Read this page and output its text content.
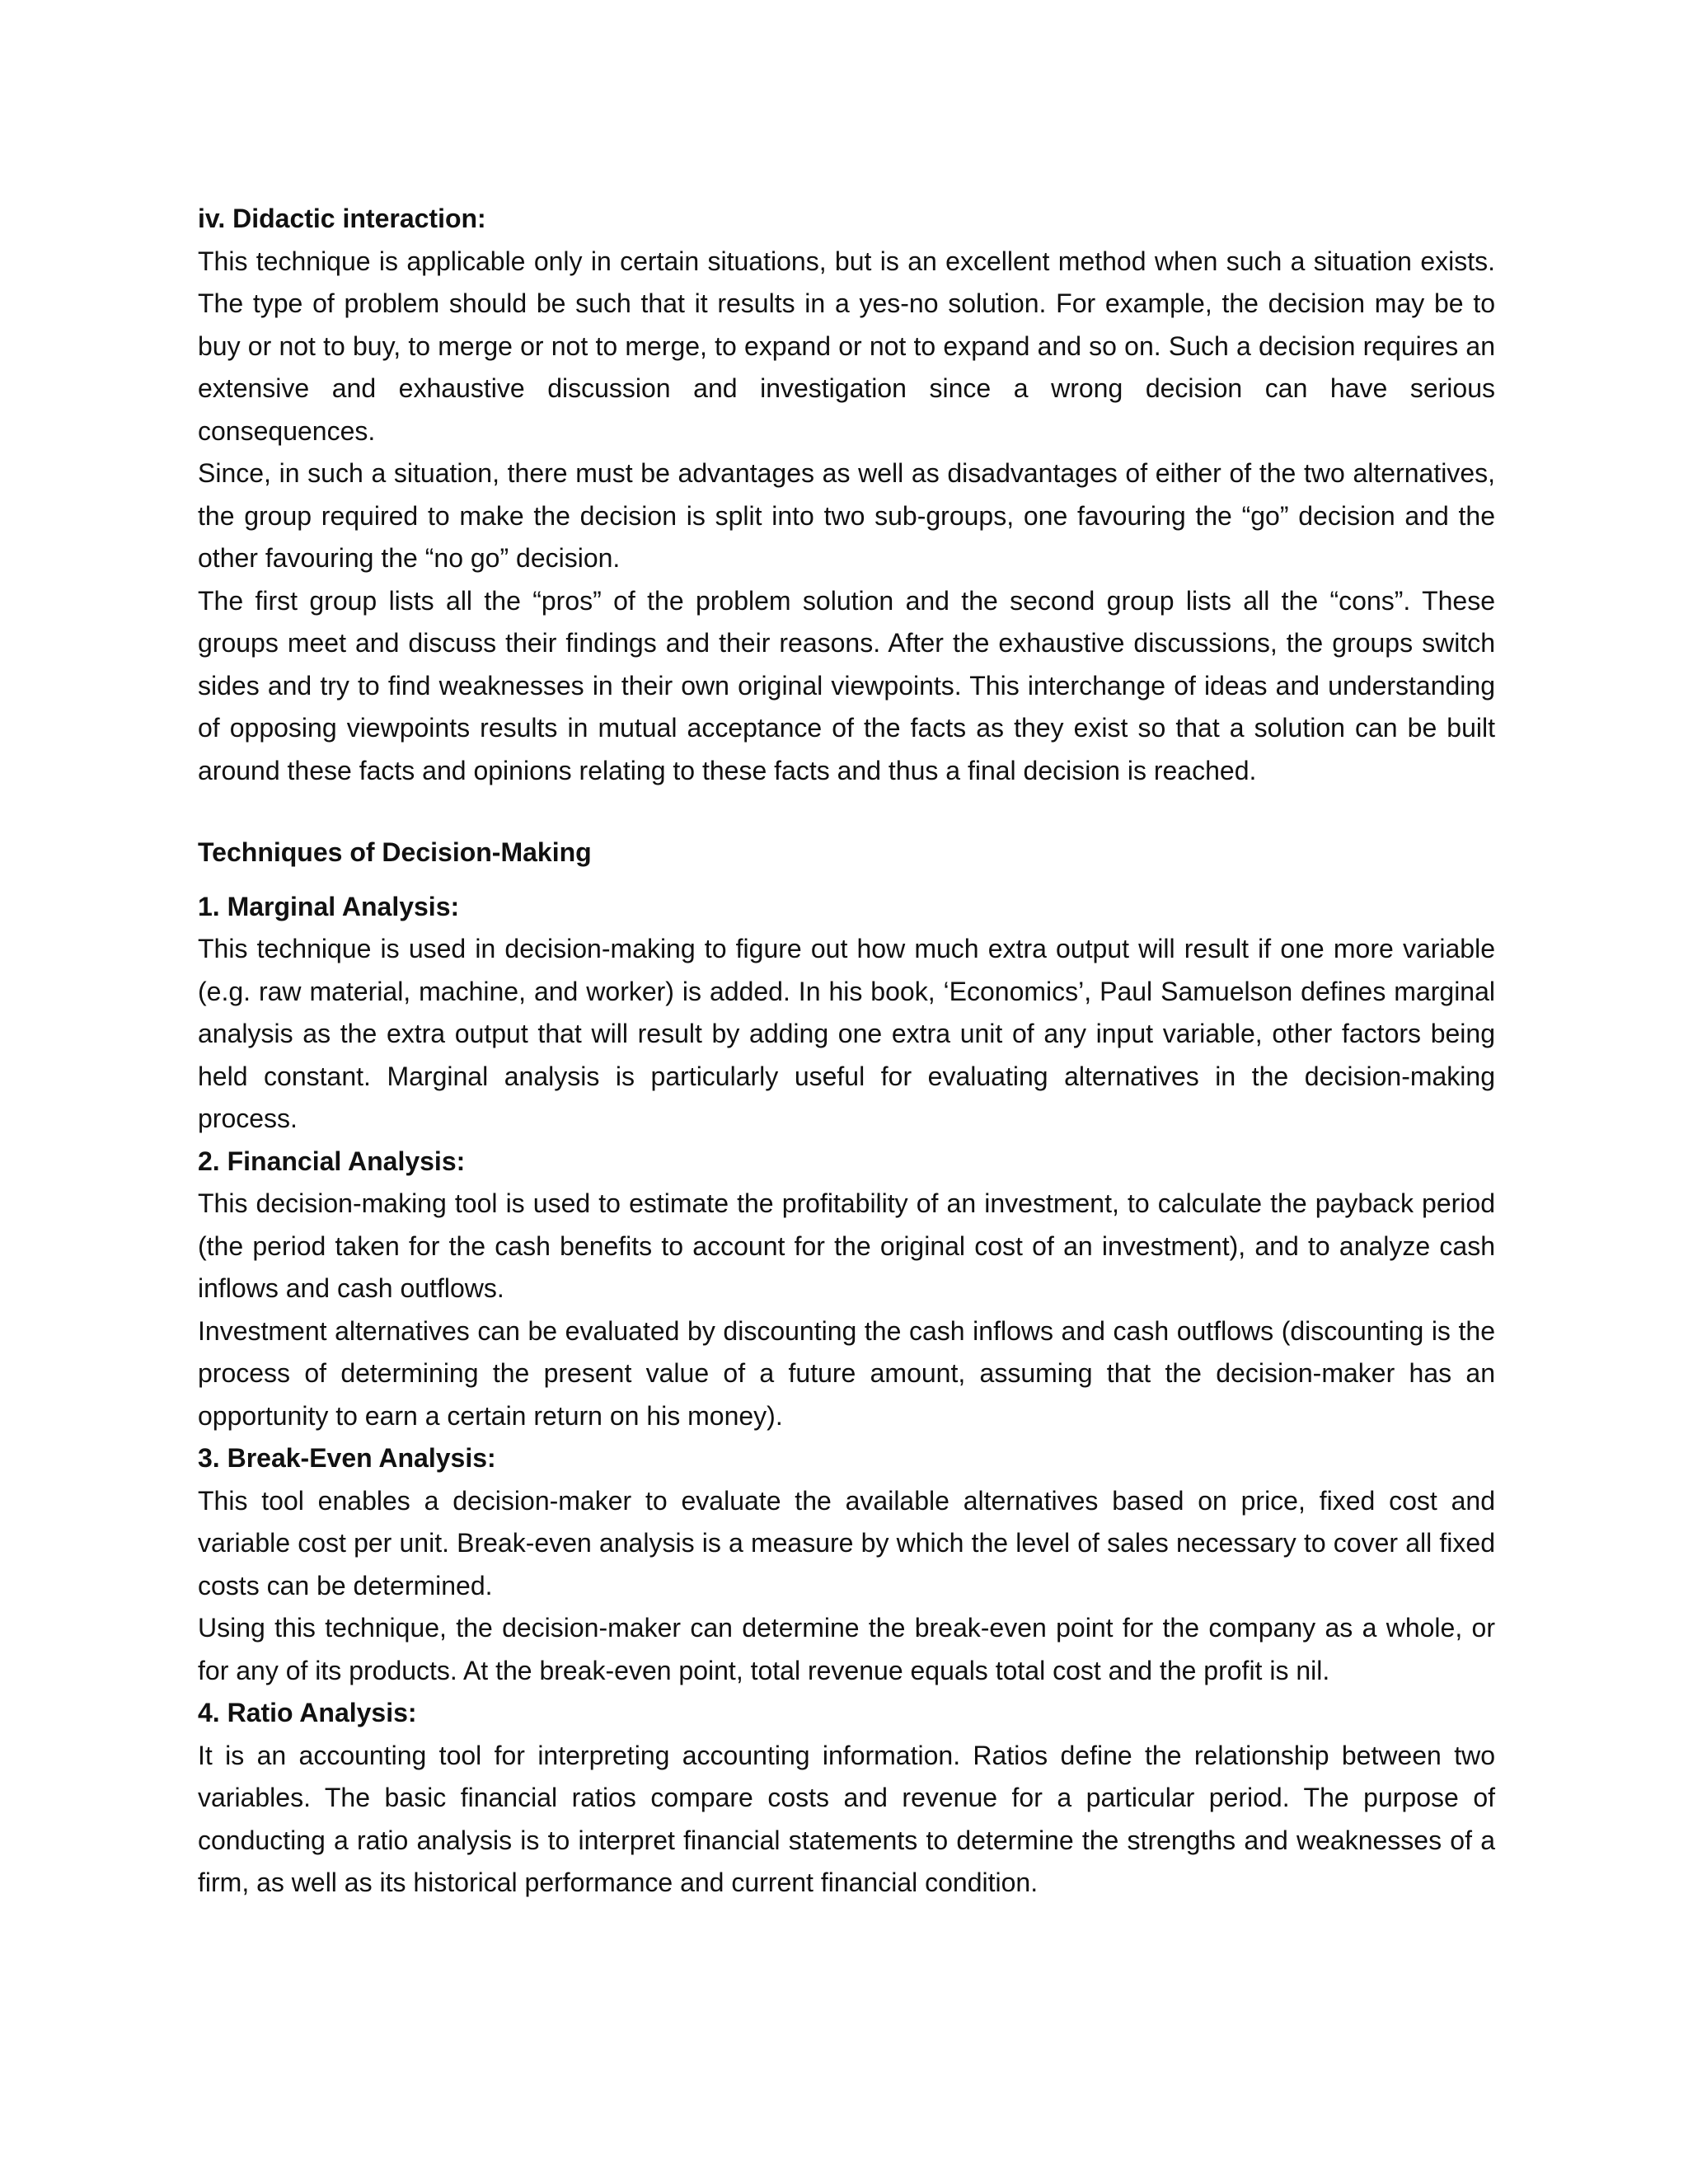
iv. Didactic interaction:

This technique is applicable only in certain situations, but is an excellent method when such a situation exists. The type of problem should be such that it results in a yes-no solution. For example, the decision may be to buy or not to buy, to merge or not to merge, to expand or not to expand and so on. Such a decision requires an extensive and exhaustive discussion and investigation since a wrong decision can have serious consequences.

Since, in such a situation, there must be advantages as well as disadvantages of either of the two alternatives, the group required to make the decision is split into two sub-groups, one favouring the “go” decision and the other favouring the “no go” decision.

The first group lists all the “pros” of the problem solution and the second group lists all the “cons”. These groups meet and discuss their findings and their reasons. After the exhaustive discussions, the groups switch sides and try to find weaknesses in their own original viewpoints. This interchange of ideas and understanding of opposing viewpoints results in mutual acceptance of the facts as they exist so that a solution can be built around these facts and opinions relating to these facts and thus a final decision is reached.

Techniques of Decision-Making

1. Marginal Analysis:

This technique is used in decision-making to figure out how much extra output will result if one more variable (e.g. raw material, machine, and worker) is added. In his book, ‘Economics’, Paul Samuelson defines marginal analysis as the extra output that will result by adding one extra unit of any input variable, other factors being held constant. Marginal analysis is particularly useful for evaluating alternatives in the decision-making process.

2. Financial Analysis:

This decision-making tool is used to estimate the profitability of an investment, to calculate the payback period (the period taken for the cash benefits to account for the original cost of an investment), and to analyze cash inflows and cash outflows.

Investment alternatives can be evaluated by discounting the cash inflows and cash outflows (discounting is the process of determining the present value of a future amount, assuming that the decision-maker has an opportunity to earn a certain return on his money).

3. Break-Even Analysis:

This tool enables a decision-maker to evaluate the available alternatives based on price, fixed cost and variable cost per unit. Break-even analysis is a measure by which the level of sales necessary to cover all fixed costs can be determined.

Using this technique, the decision-maker can determine the break-even point for the company as a whole, or for any of its products. At the break-even point, total revenue equals total cost and the profit is nil.

4. Ratio Analysis:

It is an accounting tool for interpreting accounting information. Ratios define the relationship between two variables. The basic financial ratios compare costs and revenue for a particular period. The purpose of conducting a ratio analysis is to interpret financial statements to determine the strengths and weaknesses of a firm, as well as its historical performance and current financial condition.
